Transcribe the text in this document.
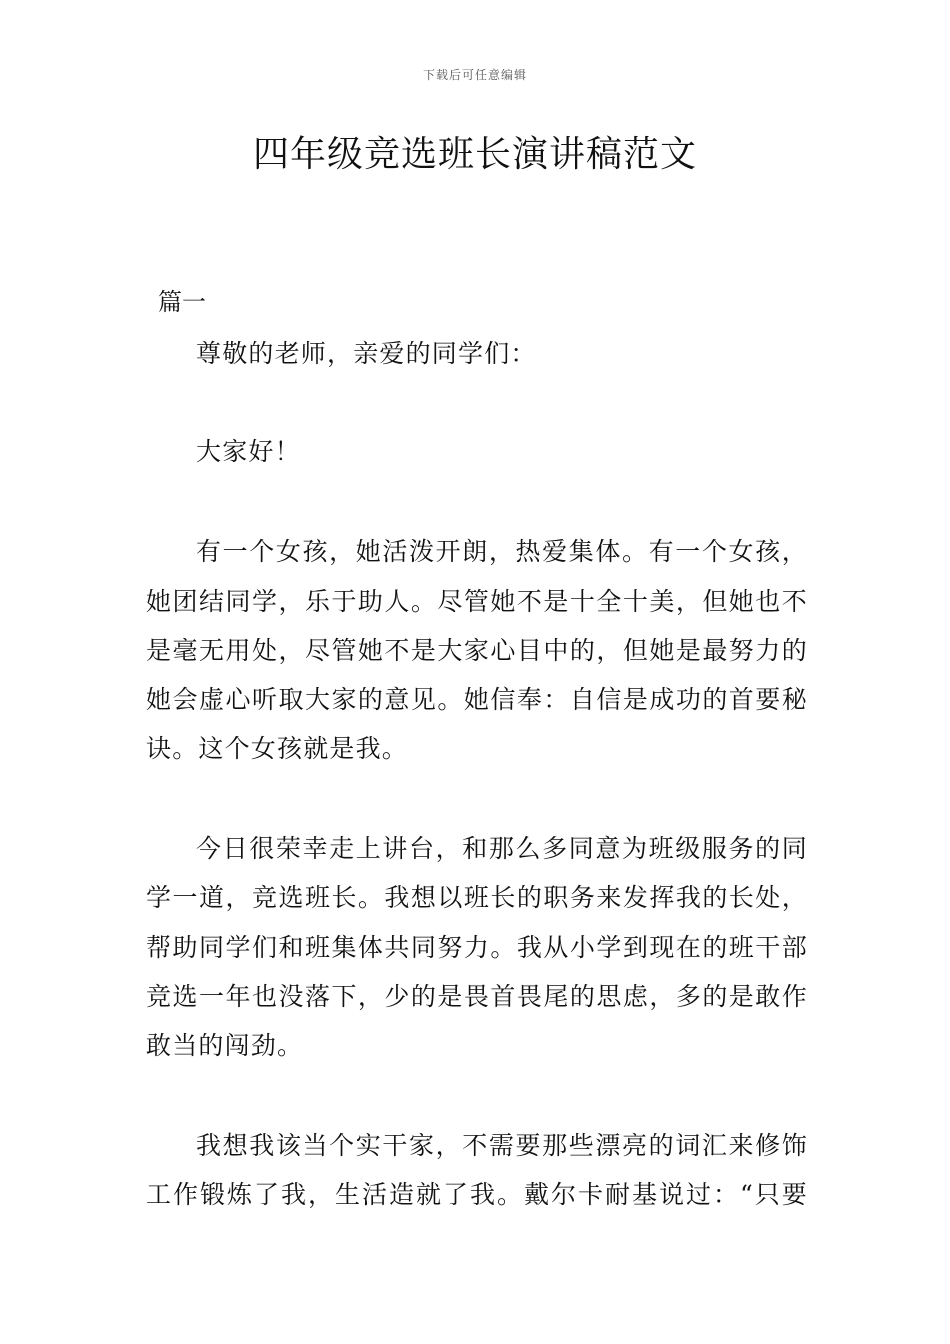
下载后可任意编辑
四年级竞选班长演讲稿范文
篇一
尊敬的老师，亲爱的同学们：
大家好！
有一个女孩，她活泼开朗，热爱集体。有一个女孩，
她团结同学，乐于助人。尽管她不是十全十美，但她也不
是毫无用处，尽管她不是大家心目中的，但她是最努力的
她会虚心听取大家的意见。她信奉：自信是成功的首要秘
诀。这个女孩就是我。
今日很荣幸走上讲台，和那么多同意为班级服务的同
学一道，竞选班长。我想以班长的职务来发挥我的长处，
帮助同学们和班集体共同努力。我从小学到现在的班干部
竞选一年也没落下，少的是畏首畏尾的思虑，多的是敢作
敢当的闯劲。
我想我该当个实干家，不需要那些漂亮的词汇来修饰
工作锻炼了我，生活造就了我。戴尔卡耐基说过：“只要
